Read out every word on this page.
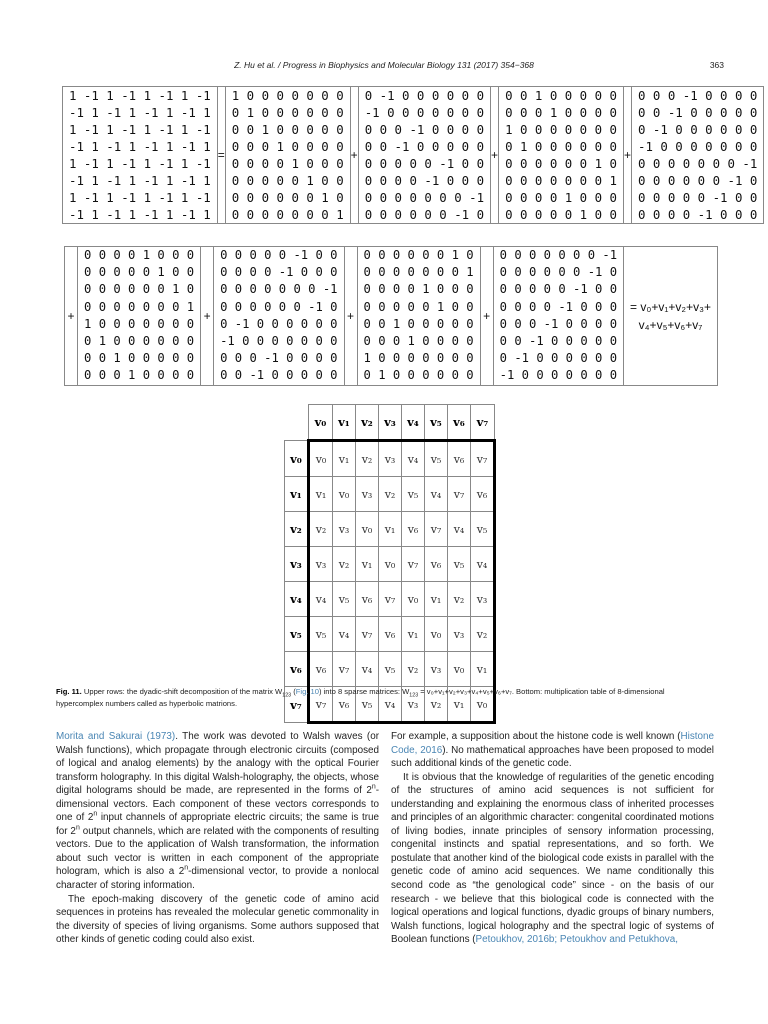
Z. Hu et al. / Progress in Biophysics and Molecular Biology 131 (2017) 354−368	363
1 -1 1 -1 1 -1 1 -1
-1 1 -1 1 -1 1 -1 1
1 -1 1 -1 1 -1 1 -1
-1 1 -1 1 -1 1 -1 1
1 -1 1 -1 1 -1 1 -1
-1 1 -1 1 -1 1 -1 1
1 -1 1 -1 1 -1 1 -1
-1 1 -1 1 -1 1 -1 1
	=	
1 0 0 0 0 0 0 0
0 1 0 0 0 0 0 0
0 0 1 0 0 0 0 0
0 0 0 1 0 0 0 0
0 0 0 0 1 0 0 0
0 0 0 0 0 1 0 0
0 0 0 0 0 0 1 0
0 0 0 0 0 0 0 1
	+	
0 -1 0 0 0 0 0 0
-1 0 0 0 0 0 0 0
0 0 0 -1 0 0 0 0
0 0 -1 0 0 0 0 0
0 0 0 0 0 -1 0 0
0 0 0 0 -1 0 0 0
0 0 0 0 0 0 0 -1
0 0 0 0 0 0 -1 0
	+	
0 0 1 0 0 0 0 0
0 0 0 1 0 0 0 0
1 0 0 0 0 0 0 0
0 1 0 0 0 0 0 0
0 0 0 0 0 0 1 0
0 0 0 0 0 0 0 1
0 0 0 0 1 0 0 0
0 0 0 0 0 1 0 0
	+	
0 0 0 -1 0 0 0 0
0 0 -1 0 0 0 0 0
0 -1 0 0 0 0 0 0
-1 0 0 0 0 0 0 0
0 0 0 0 0 0 0 -1
0 0 0 0 0 0 -1 0
0 0 0 0 0 -1 0 0
0 0 0 0 -1 0 0 0
+	
0 0 0 0 1 0 0 0
0 0 0 0 0 1 0 0
0 0 0 0 0 0 1 0
0 0 0 0 0 0 0 1
1 0 0 0 0 0 0 0
0 1 0 0 0 0 0 0
0 0 1 0 0 0 0 0
0 0 0 1 0 0 0 0
	+	
0 0 0 0 0 -1 0 0
0 0 0 0 -1 0 0 0
0 0 0 0 0 0 0 -1
0 0 0 0 0 0 -1 0
0 -1 0 0 0 0 0 0
-1 0 0 0 0 0 0 0
0 0 0 -1 0 0 0 0
0 0 -1 0 0 0 0 0
	+	
0 0 0 0 0 0 1 0
0 0 0 0 0 0 0 1
0 0 0 0 1 0 0 0
0 0 0 0 0 1 0 0
0 0 1 0 0 0 0 0
0 0 0 1 0 0 0 0
1 0 0 0 0 0 0 0
0 1 0 0 0 0 0 0
	+	
0 0 0 0 0 0 0 -1
0 0 0 0 0 0 -1 0
0 0 0 0 0 -1 0 0
0 0 0 0 -1 0 0 0
0 0 0 -1 0 0 0 0
0 0 -1 0 0 0 0 0
0 -1 0 0 0 0 0 0
-1 0 0 0 0 0 0 0

= v₀+v₁+v₂+v₃+
v₄+v₅+v₆+v₇
	v₀	v₁	v₂	v₃	v₄	v₅	v₆	v₇
v₀	v₀	v₁	v₂	v₃	v₄	v₅	v₆	v₇
v₁	v₁	v₀	v₃	v₂	v₅	v₄	v₇	v₆
v₂	v₂	v₃	v₀	v₁	v₆	v₇	v₄	v₅
v₃	v₃	v₂	v₁	v₀	v₇	v₆	v₅	v₄
v₄	v₄	v₅	v₆	v₇	v₀	v₁	v₂	v₃
v₅	v₅	v₄	v₇	v₆	v₁	v₀	v₃	v₂
v₆	v₆	v₇	v₄	v₅	v₂	v₃	v₀	v₁
v₇	v₇	v₆	v₅	v₄	v₃	v₂	v₁	v₀
Fig. 11. Upper rows: the dyadic-shift decomposition of the matrix $W_{123}$ (Fig. 10) into 8 sparse matrices: $W_{123} = v_0+v_1+v_2+v_3+v_4+v_5+v_6+v_7$. Bottom: multiplication table of 8-dimensional hypercomplex numbers called as hyperbolic matrions.

Morita and Sakurai (1973). The work was devoted to Walsh waves (or Walsh functions), which propagate through electronic circuits (composed of logical and analog elements) by the analogy with the optical Fourier transform holography. In this digital Walsh-holography, the objects, whose digital holograms should be made, are represented in the forms of 2$^n$-dimensional vectors. Each component of these vectors corresponds to one of 2$^n$ input channels of appropriate electric circuits; the same is true for 2$^n$ output channels, which are related with the components of resulting vectors. Due to the application of Walsh transformation, the information about such vector is written in each component of the appropriate hologram, which is also a 2$^n$-dimensional vector, to provide a nonlocal character of storing information.

The epoch-making discovery of the genetic code of amino acid sequences in proteins has revealed the molecular genetic commonality in the diversity of species of living organisms. Some authors supposed that other kinds of genetic coding could also exist.

For example, a supposition about the histone code is well known (Histone Code, 2016). No mathematical approaches have been proposed to model such additional kinds of the genetic code.

It is obvious that the knowledge of regularities of the genetic encoding of the structures of amino acid sequences is not sufficient for understanding and explaining the enormous class of inherited processes and principles of an algorithmic character: congenital coordinated motions of living bodies, innate principles of sensory information processing, congenital instincts and spatial representations, and so forth. We postulate that another kind of the biological code exists in parallel with the genetic code of amino acid sequences. We name conditionally this second code as “the genological code” since - on the basis of our research - we believe that this biological code is connected with the logical operations and logical functions, dyadic groups of binary numbers, Walsh functions, logical holography and the spectral logic of systems of Boolean functions (Petoukhov, 2016b; Petoukhov and Petukhova,
